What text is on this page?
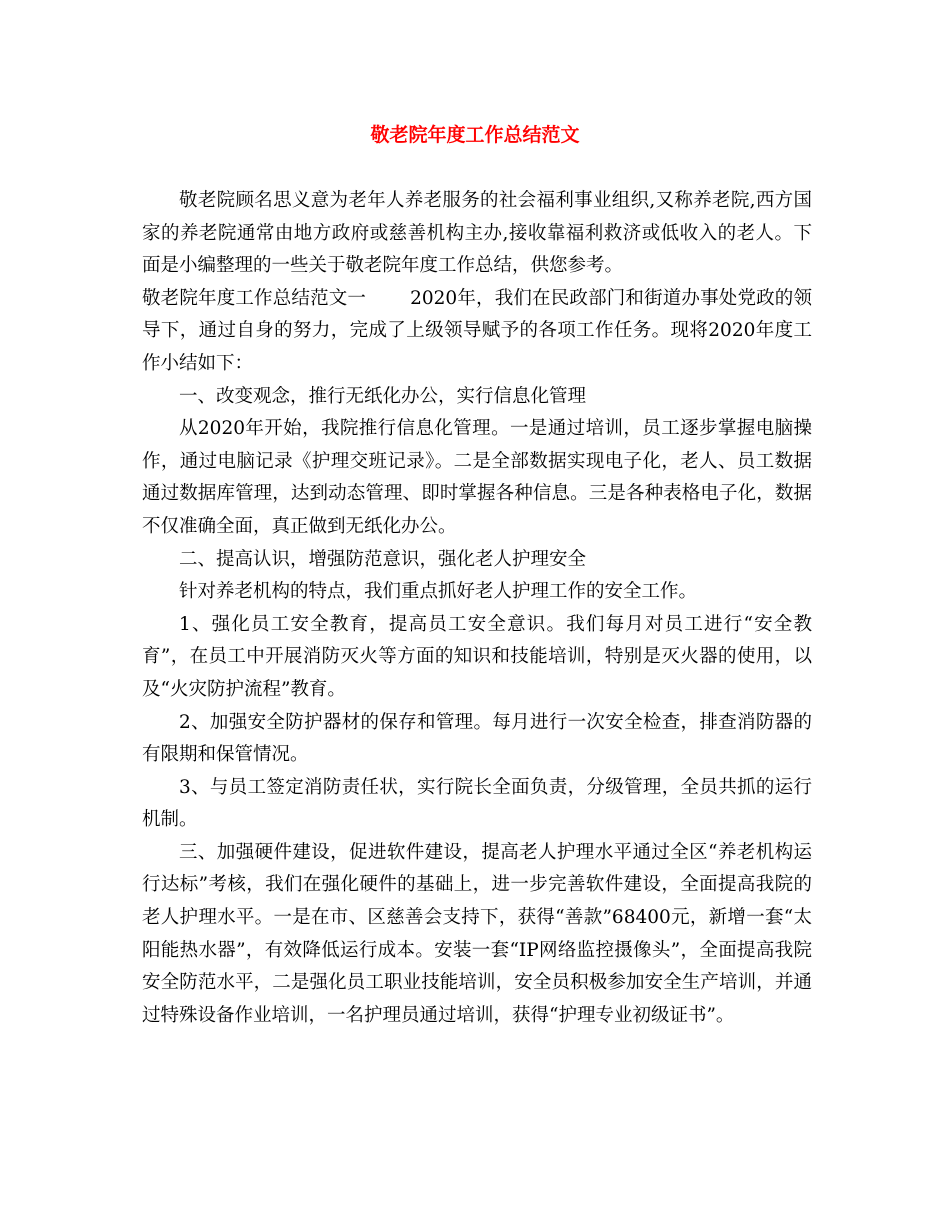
敬老院年度工作总结范文

敬老院顾名思义意为老年人养老服务的社会福利事业组织,又称养老院,西方国家的养老院通常由地方政府或慈善机构主办,接收靠福利救济或低收入的老人。下面是小编整理的一些关于敬老院年度工作总结，供您参考。

敬老院年度工作总结范文一 2020年，我们在民政部门和街道办事处党政的领导下，通过自身的努力，完成了上级领导赋予的各项工作任务。现将2020年度工作小结如下：

一、改变观念，推行无纸化办公，实行信息化管理

从2020年开始，我院推行信息化管理。一是通过培训，员工逐步掌握电脑操作，通过电脑记录《护理交班记录》。二是全部数据实现电子化，老人、员工数据通过数据库管理，达到动态管理、即时掌握各种信息。三是各种表格电子化，数据不仅准确全面，真正做到无纸化办公。

二、提高认识，增强防范意识，强化老人护理安全

针对养老机构的特点，我们重点抓好老人护理工作的安全工作。

1、强化员工安全教育，提高员工安全意识。我们每月对员工进行“安全教育”，在员工中开展消防灭火等方面的知识和技能培训，特别是灭火器的使用，以及“火灾防护流程”教育。

2、加强安全防护器材的保存和管理。每月进行一次安全检查，排查消防器的有限期和保管情况。

3、与员工签定消防责任状，实行院长全面负责，分级管理，全员共抓的运行机制。

三、加强硬件建设，促进软件建设，提高老人护理水平通过全区“养老机构运行达标”考核，我们在强化硬件的基础上，进一步完善软件建设，全面提高我院的老人护理水平。一是在市、区慈善会支持下，获得“善款”68400元，新增一套“太阳能热水器”，有效降低运行成本。安装一套“IP网络监控摄像头”，全面提高我院安全防范水平，二是强化员工职业技能培训，安全员积极参加安全生产培训，并通过特殊设备作业培训，一名护理员通过培训，获得“护理专业初级证书”。
